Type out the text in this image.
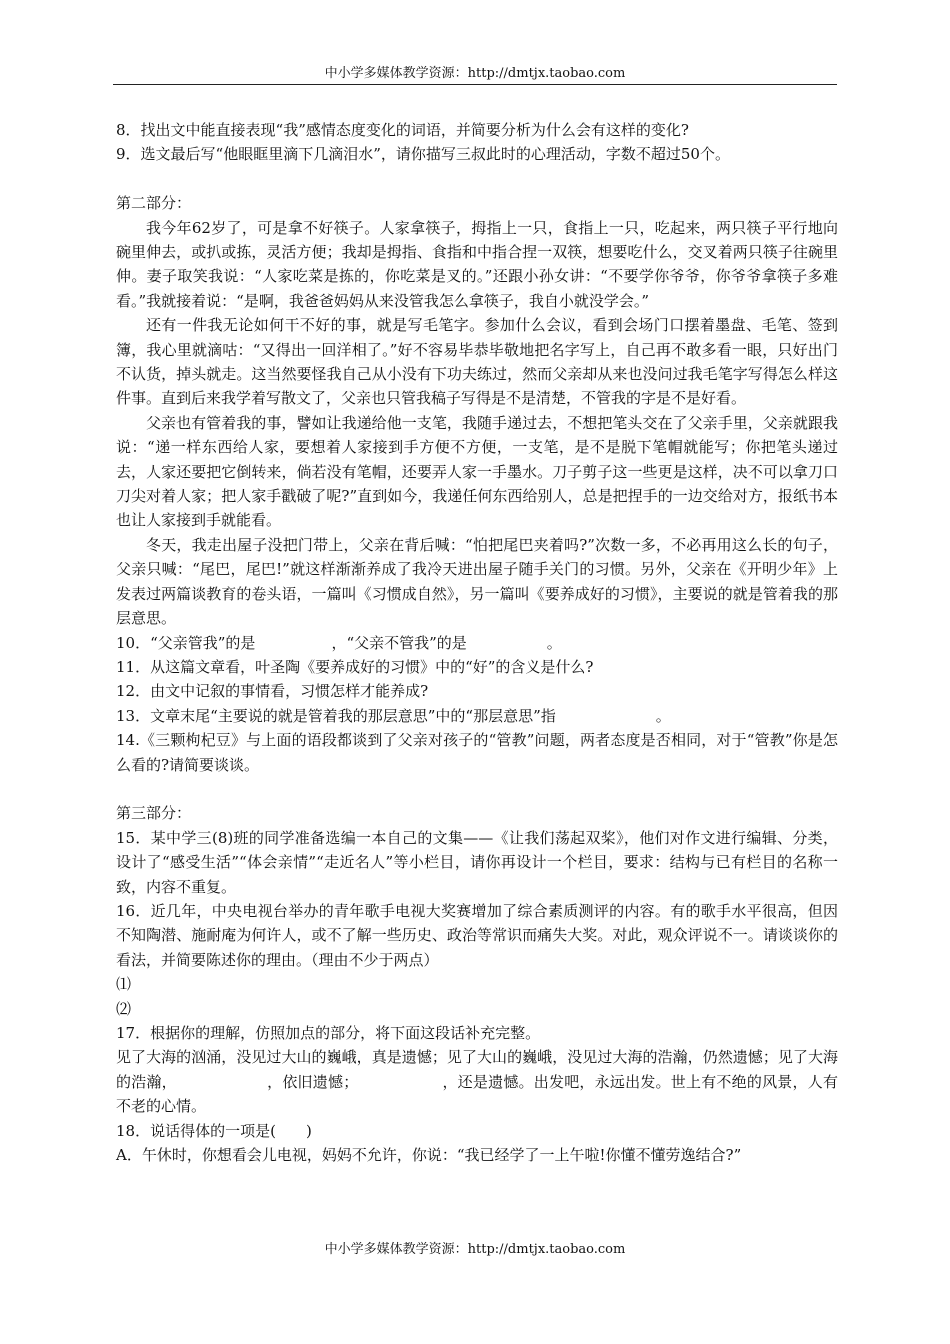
中小学多媒体教学资源：http://dmtjx.taobao.com

8．找出文中能直接表现“我”感情态度变化的词语，并简要分析为什么会有这样的变化?

9．选文最后写“他眼眶里滴下几滴泪水”，请你描写三叔此时的心理活动，字数不超过50个。

第二部分：

我今年62岁了，可是拿不好筷子。人家拿筷子，拇指上一只，食指上一只，吃起来，两只筷子平行地向碗里伸去，或扒或拣，灵活方便；我却是拇指、食指和中指合捏一双筷，想要吃什么，交叉着两只筷子往碗里伸。妻子取笑我说：“人家吃菜是拣的，你吃菜是叉的。”还跟小孙女讲：“不要学你爷爷，你爷爷拿筷子多难看。”我就接着说：“是啊，我爸爸妈妈从来没管我怎么拿筷子，我自小就没学会。”

还有一件我无论如何干不好的事，就是写毛笔字。参加什么会议，看到会场门口摆着墨盘、毛笔、签到簿，我心里就滴咕：“又得出一回洋相了。”好不容易毕恭毕敬地把名字写上，自己再不敢多看一眼，只好出门不认货，掉头就走。这当然要怪我自己从小没有下功夫练过，然而父亲却从来也没问过我毛笔字写得怎么样这件事。直到后来我学着写散文了，父亲也只管我稿子写得是不是清楚，不管我的字是不是好看。

父亲也有管着我的事，譬如让我递给他一支笔，我随手递过去，不想把笔头交在了父亲手里，父亲就跟我说：“递一样东西给人家，要想着人家接到手方便不方便，一支笔，是不是脱下笔帽就能写；你把笔头递过去，人家还要把它倒转来，倘若没有笔帽，还要弄人家一手墨水。刀子剪子这一些更是这样，决不可以拿刀口刀尖对着人家；把人家手戳破了呢?”直到如今，我递任何东西给别人，总是把捏手的一边交给对方，报纸书本也让人家接到手就能看。

冬天，我走出屋子没把门带上，父亲在背后喊：“怕把尾巴夹着吗?”次数一多，不必再用这么长的句子，父亲只喊：“尾巴，尾巴!”就这样渐渐养成了我冷天进出屋子随手关门的习惯。另外，父亲在《开明少年》上发表过两篇谈教育的卷头语，一篇叫《习惯成自然》，另一篇叫《要养成好的习惯》，主要说的就是管着我的那层意思。

10．“父亲管我”的是	，“父亲不管我”的是	。

11．从这篇文章看，叶圣陶《要养成好的习惯》中的“好”的含义是什么?

12．由文中记叙的事情看，习惯怎样才能养成?

13．文章末尾“主要说的就是管着我的那层意思”中的“那层意思”指	。

14.《三颗枸杞豆》与上面的语段都谈到了父亲对孩子的“管教”问题，两者态度是否相同，对于“管教”你是怎么看的?请简要谈谈。

第三部分：

15．某中学三(8)班的同学准备选编一本自己的文集——《让我们荡起双桨》，他们对作文进行编辑、分类，设计了“感受生活”“体会亲情”“走近名人”等小栏目，请你再设计一个栏目，要求：结构与已有栏目的名称一致，内容不重复。

16．近几年，中央电视台举办的青年歌手电视大奖赛增加了综合素质测评的内容。有的歌手水平很高，但因不知陶潜、施耐庵为何许人，或不了解一些历史、政治等常识而痛失大奖。对此，观众评说不一。请谈谈你的看法，并简要陈述你的理由。（理由不少于两点）

⑴

⑵

17．根据你的理解，仿照加点的部分，将下面这段话补充完整。

见了大海的汹涌，没见过大山的巍峨，真是遗憾；见了大山的巍峨，没见过大海的浩瀚，仍然遗憾；见了大海的浩瀚，	，依旧遗憾；	，还是遗憾。出发吧，永远出发。世上有不绝的风景，人有不老的心情。

18．说话得体的一项是(　　)

A．午休时，你想看会儿电视，妈妈不允许，你说：“我已经学了一上午啦!你懂不懂劳逸结合?”

中小学多媒体教学资源：http://dmtjx.taobao.com
